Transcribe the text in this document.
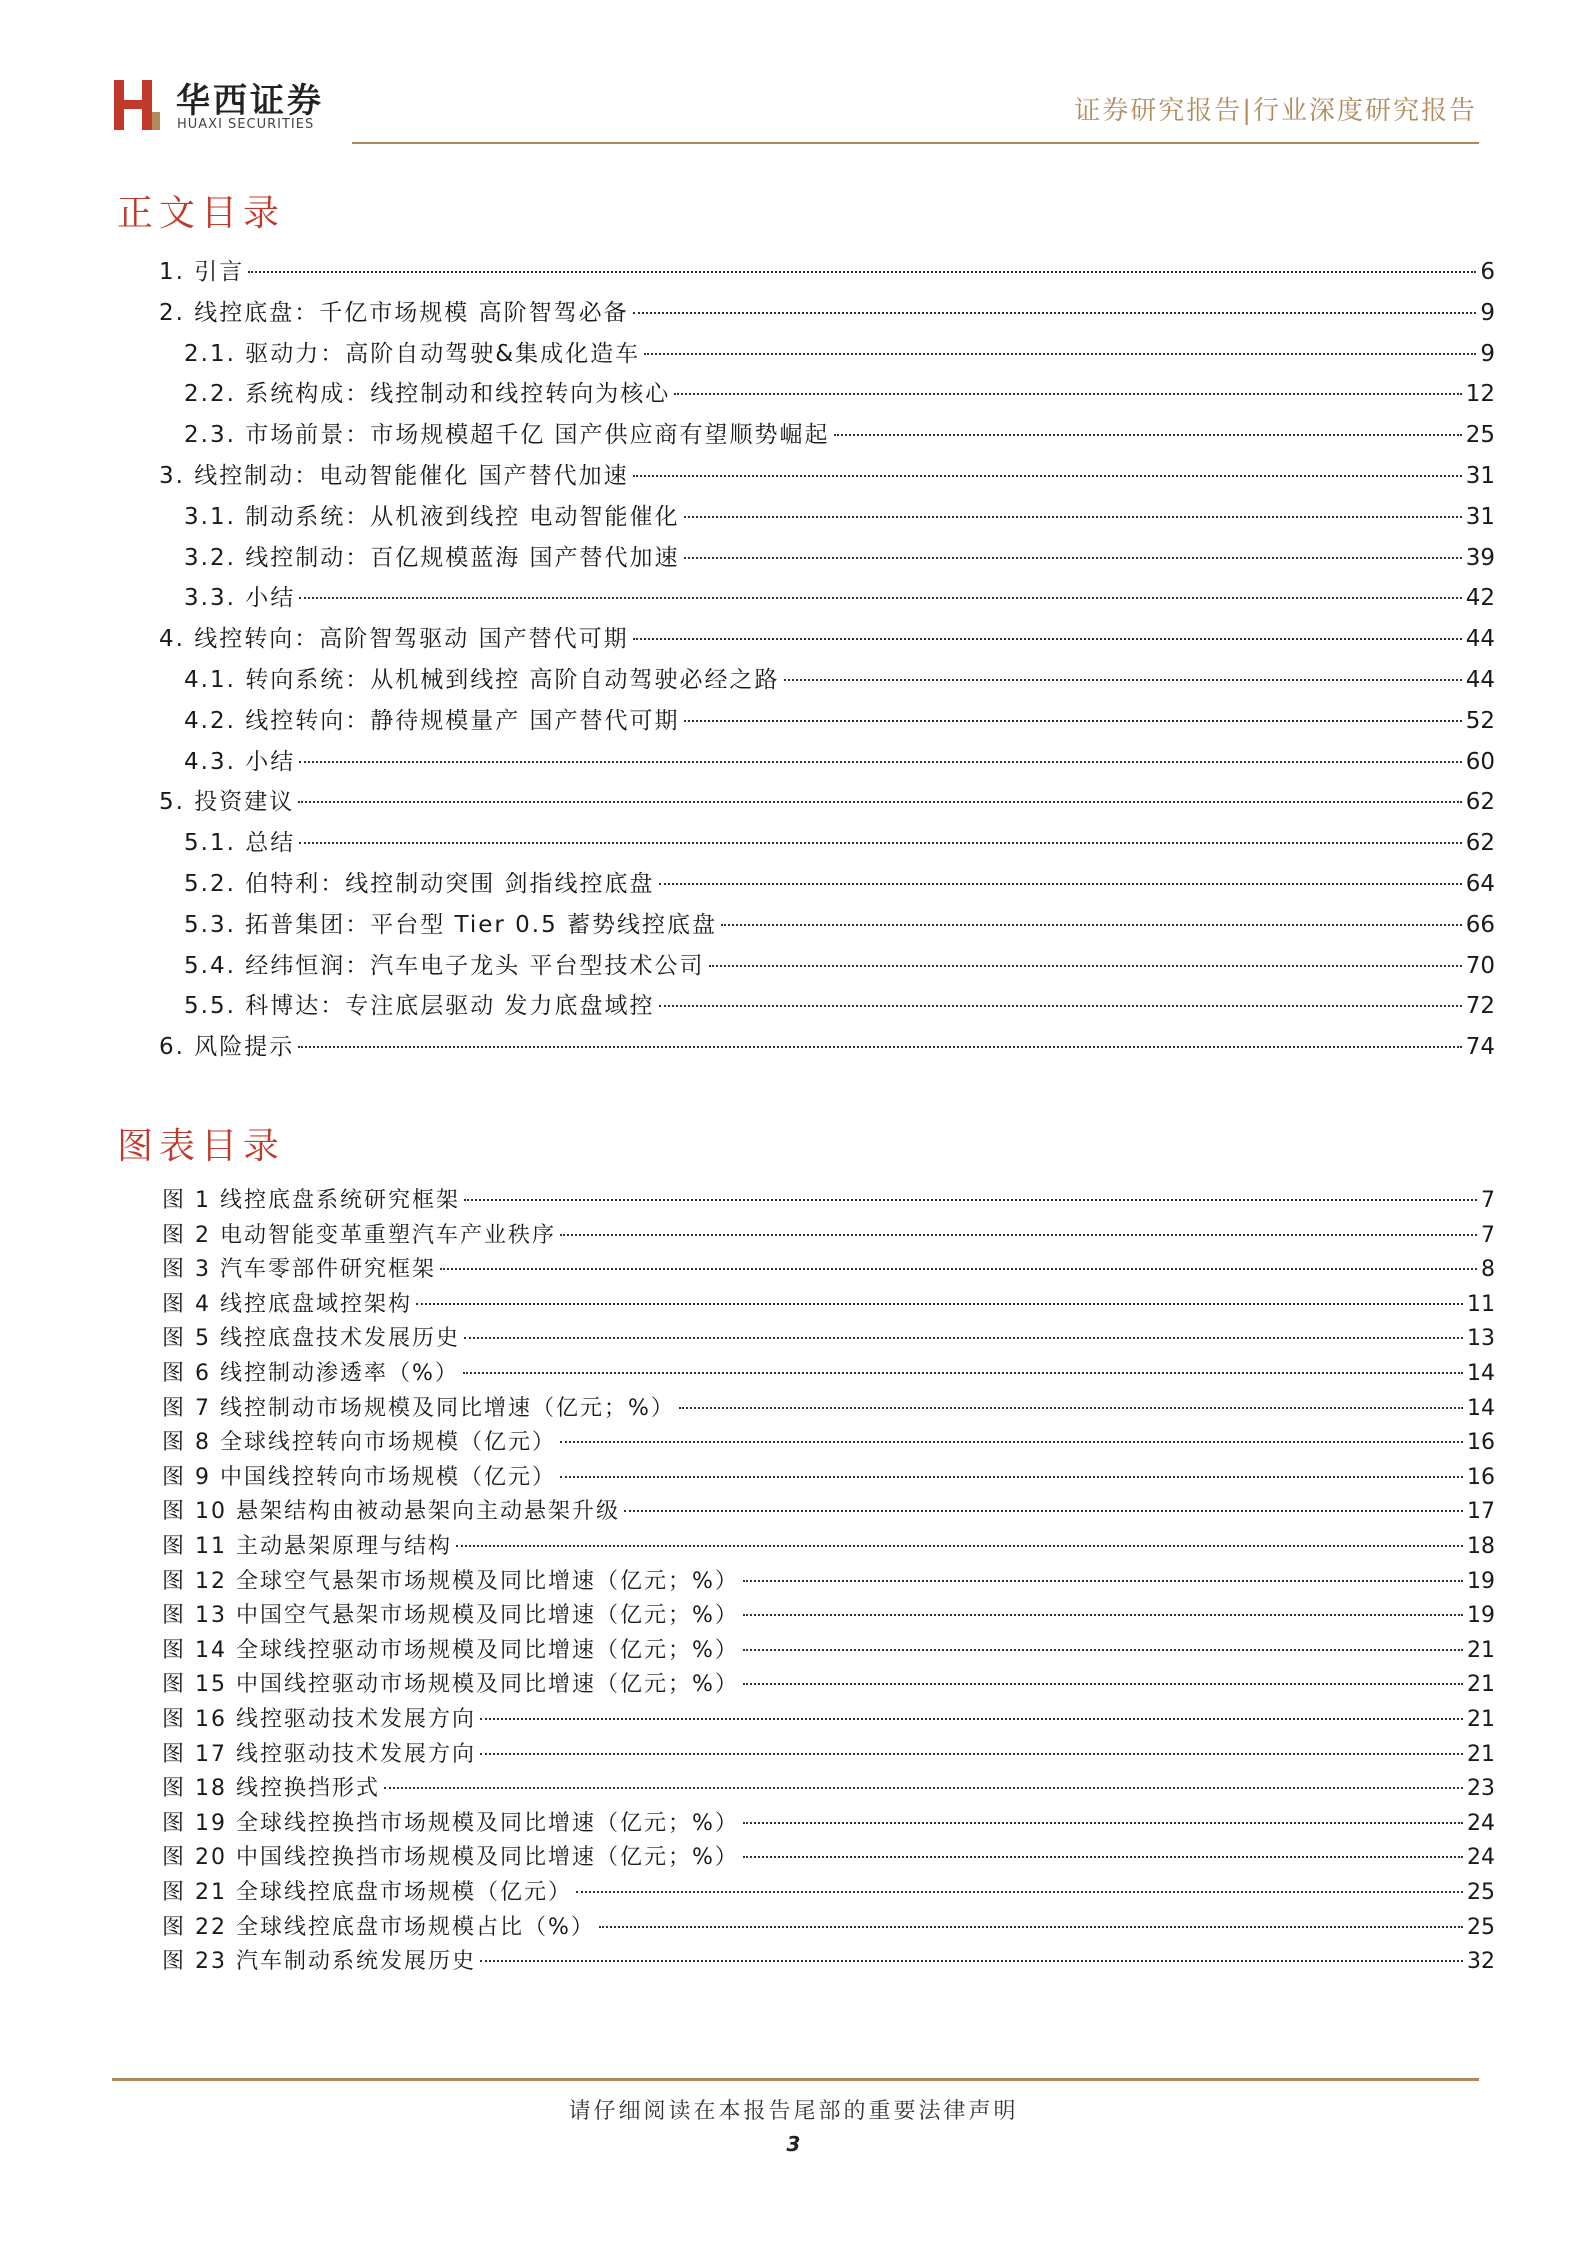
华西证券
HUAXI SECURITIES	证券研究报告|行业深度研究报告
正文目录
1. 引言	6
2. 线控底盘：千亿市场规模 高阶智驾必备	9
2.1. 驱动力：高阶自动驾驶&集成化造车	9
2.2. 系统构成：线控制动和线控转向为核心	12
2.3. 市场前景：市场规模超千亿 国产供应商有望顺势崛起	25
3. 线控制动：电动智能催化 国产替代加速	31
3.1. 制动系统：从机液到线控 电动智能催化	31
3.2. 线控制动：百亿规模蓝海 国产替代加速	39
3.3. 小结	42
4. 线控转向：高阶智驾驱动 国产替代可期	44
4.1. 转向系统：从机械到线控 高阶自动驾驶必经之路	44
4.2. 线控转向：静待规模量产 国产替代可期	52
4.3. 小结	60
5. 投资建议	62
5.1. 总结	62
5.2. 伯特利：线控制动突围 剑指线控底盘	64
5.3. 拓普集团：平台型 Tier 0.5 蓄势线控底盘	66
5.4. 经纬恒润：汽车电子龙头 平台型技术公司	70
5.5. 科博达：专注底层驱动 发力底盘域控	72
6. 风险提示	74
图表目录
图 1 线控底盘系统研究框架	7
图 2 电动智能变革重塑汽车产业秩序	7
图 3 汽车零部件研究框架	8
图 4 线控底盘域控架构	11
图 5 线控底盘技术发展历史	13
图 6 线控制动渗透率（%）	14
图 7 线控制动市场规模及同比增速（亿元；%）	14
图 8 全球线控转向市场规模（亿元）	16
图 9 中国线控转向市场规模（亿元）	16
图 10 悬架结构由被动悬架向主动悬架升级	17
图 11 主动悬架原理与结构	18
图 12 全球空气悬架市场规模及同比增速（亿元；%）	19
图 13 中国空气悬架市场规模及同比增速（亿元；%）	19
图 14 全球线控驱动市场规模及同比增速（亿元；%）	21
图 15 中国线控驱动市场规模及同比增速（亿元；%）	21
图 16 线控驱动技术发展方向	21
图 17 线控驱动技术发展方向	21
图 18 线控换挡形式	23
图 19 全球线控换挡市场规模及同比增速（亿元；%）	24
图 20 中国线控换挡市场规模及同比增速（亿元；%）	24
图 21 全球线控底盘市场规模（亿元）	25
图 22 全球线控底盘市场规模占比（%）	25
图 23 汽车制动系统发展历史	32
请仔细阅读在本报告尾部的重要法律声明
3
